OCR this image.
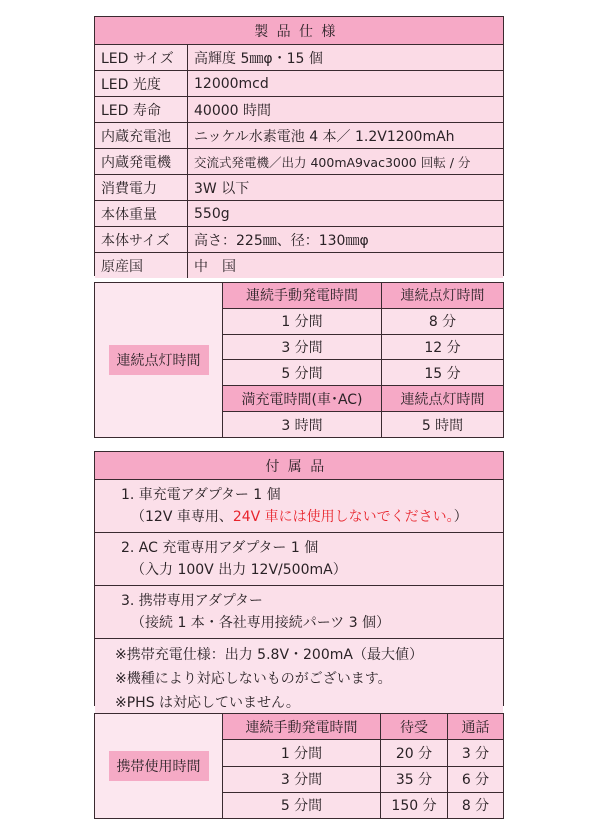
製品仕様
LED サイズ	高輝度 5㎜φ・15 個
LED 光度	12000mcd
LED 寿命	40000 時間
内蔵充電池	ニッケル水素電池 4 本／ 1.2V1200mAh
内蔵発電機	交流式発電機／出力 400mA9vac3000 回転 / 分
消費電力	3W 以下
本体重量	550g
本体サイズ	高さ：225㎜、径：130㎜φ
原産国	中　国
連続点灯時間
連続手動発電時間	連続点灯時間
1 分間	8 分
3 分間	12 分
5 分間	15 分
満充電時間(車･AC)	連続点灯時間
3 時間	5 時間
付属品
1. 車充電アダプター 1 個
（12V 車専用、24V 車には使用しないでください。）
2. AC 充電専用アダプター 1 個
（入力 100V 出力 12V/500mA）
3. 携帯専用アダプター
（接続 1 本・各社専用接続パーツ 3 個）
※携帯充電仕様：出力 5.8V・200mA（最大値）
※機種により対応しないものがございます。
※PHS は対応していません。
携帯使用時間
連続手動発電時間	待受	通話
1 分間	20 分	3 分
3 分間	35 分	6 分
5 分間	150 分	8 分
